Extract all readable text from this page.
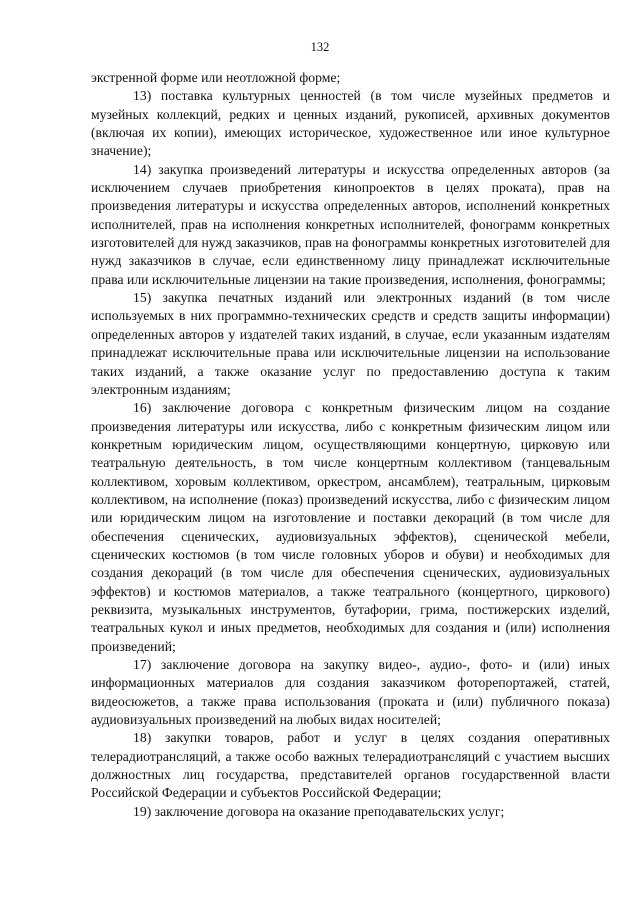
132

экстренной форме или неотложной форме;

13) поставка культурных ценностей (в том числе музейных предметов и музейных коллекций, редких и ценных изданий, рукописей, архивных документов (включая их копии), имеющих историческое, художественное или иное культурное значение);

14) закупка произведений литературы и искусства определенных авторов (за исключением случаев приобретения кинопроектов в целях проката), прав на произведения литературы и искусства определенных авторов, исполнений конкретных исполнителей, прав на исполнения конкретных исполнителей, фонограмм конкретных изготовителей для нужд заказчиков, прав на фонограммы конкретных изготовителей для нужд заказчиков в случае, если единственному лицу принадлежат исключительные права или исключительные лицензии на такие произведения, исполнения, фонограммы;

15) закупка печатных изданий или электронных изданий (в том числе используемых в них программно-технических средств и средств защиты информации) определенных авторов у издателей таких изданий, в случае, если указанным издателям принадлежат исключительные права или исключительные лицензии на использование таких изданий, а также оказание услуг по предоставлению доступа к таким электронным изданиям;

16) заключение договора с конкретным физическим лицом на создание произведения литературы или искусства, либо с конкретным физическим лицом или конкретным юридическим лицом, осуществляющими концертную, цирковую или театральную деятельность, в том числе концертным коллективом (танцевальным коллективом, хоровым коллективом, оркестром, ансамблем), театральным, цирковым коллективом, на исполнение (показ) произведений искусства, либо с физическим лицом или юридическим лицом на изготовление и поставки декораций (в том числе для обеспечения сценических, аудиовизуальных эффектов), сценической мебели, сценических костюмов (в том числе головных уборов и обуви) и необходимых для создания декораций (в том числе для обеспечения сценических, аудиовизуальных эффектов) и костюмов материалов, а также театрального (концертного, циркового) реквизита, музыкальных инструментов, бутафории, грима, постижерских изделий, театральных кукол и иных предметов, необходимых для создания и (или) исполнения произведений;

17) заключение договора на закупку видео-, аудио-, фото- и (или) иных информационных материалов для создания заказчиком фоторепортажей, статей, видеосюжетов, а также права использования (проката и (или) публичного показа) аудиовизуальных произведений на любых видах носителей;

18) закупки товаров, работ и услуг в целях создания оперативных телерадиотрансляций, а также особо важных телерадиотрансляций с участием высших должностных лиц государства, представителей органов государственной власти Российской Федерации и субъектов Российской Федерации;

19) заключение договора на оказание преподавательских услуг;
